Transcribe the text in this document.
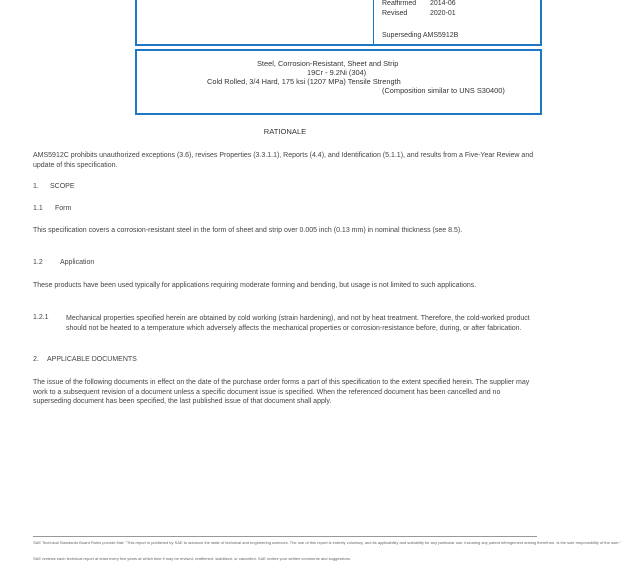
Reaffirmed 2014-06
Revised	2020-01
Superseding AMS5912B
Steel, Corrosion-Resistant, Sheet and Strip
19Cr - 9.2Ni (304)
Cold Rolled, 3/4 Hard, 175 ksi (1207 MPa) Tensile Strength
(Composition similar to UNS S30400)
RATIONALE
AMS5912C prohibits unauthorized exceptions (3.6), revises Properties (3.3.1.1), Reports (4.4), and Identification (5.1.1), and results from a Five-Year Review and update of this specification.
1. SCOPE
1.1 Form
This specification covers a corrosion-resistant steel in the form of sheet and strip over 0.005 inch (0.13 mm) in nominal thickness (see 8.5).
1.2 Application
These products have been used typically for applications requiring moderate forming and bending, but usage is not limited to such applications.
1.2.1 Mechanical properties specified herein are obtained by cold working (strain hardening), and not by heat treatment. Therefore, the cold-worked product should not be heated to a temperature which adversely affects the mechanical properties or corrosion-resistance before, during, or after fabrication.
2. APPLICABLE DOCUMENTS
The issue of the following documents in effect on the date of the purchase order forms a part of this specification to the extent specified herein. The supplier may work to a subsequent revision of a document unless a specific document issue is specified. When the referenced document has been cancelled and no superseding document has been specified, the last published issue of that document shall apply.
SAE Technical Standards Board Rules provide that: "This report is published by SAE to advance the state of technical and engineering sciences. The use of this report is entirely voluntary, and its applicability and suitability for any particular use, including any patent infringement arising therefrom, is the sole responsibility of the user."
SAE reviews each technical report at least every five years at which time it may be revised, reaffirmed, stabilized, or cancelled. SAE invites your written comments and suggestions.
